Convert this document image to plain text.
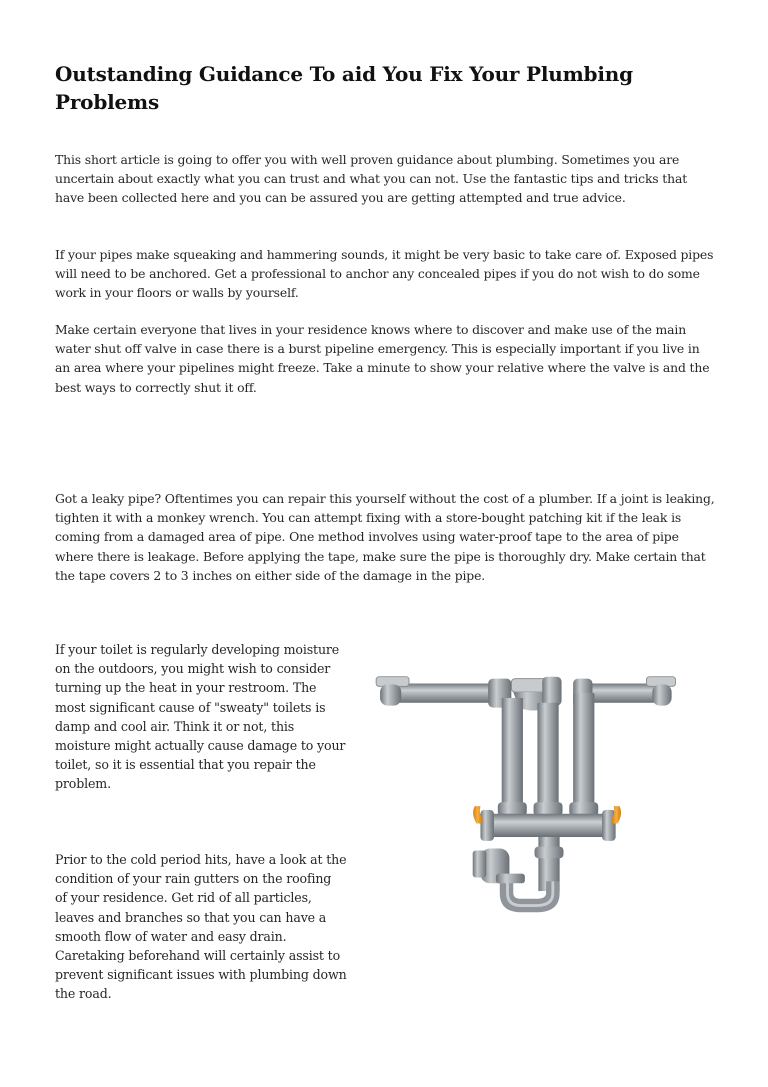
Outstanding Guidance To aid You Fix Your Plumbing Problems

This short article is going to offer you with well proven guidance about plumbing. Sometimes you are uncertain about exactly what you can trust and what you can not. Use the fantastic tips and tricks that have been collected here and you can be assured you are getting attempted and true advice.

If your pipes make squeaking and hammering sounds, it might be very basic to take care of. Exposed pipes will need to be anchored. Get a professional to anchor any concealed pipes if you do not wish to do some work in your floors or walls by yourself.

Make certain everyone that lives in your residence knows where to discover and make use of the main water shut off valve in case there is a burst pipeline emergency. This is especially important if you live in an area where your pipelines might freeze. Take a minute to show your relative where the valve is and the best ways to correctly shut it off.

Got a leaky pipe? Oftentimes you can repair this yourself without the cost of a plumber. If a joint is leaking, tighten it with a monkey wrench. You can attempt fixing with a store-bought patching kit if the leak is coming from a damaged area of pipe. One method involves using water-proof tape to the area of pipe where there is leakage. Before applying the tape, make sure the pipe is thoroughly dry. Make certain that the tape covers 2 to 3 inches on either side of the damage in the pipe.

If your toilet is regularly developing moisture on the outdoors, you might wish to consider turning up the heat in your restroom. The most significant cause of "sweaty" toilets is damp and cool air. Think it or not, this moisture might actually cause damage to your toilet, so it is essential that you repair the problem.

Prior to the cold period hits, have a look at the condition of your rain gutters on the roofing of your residence. Get rid of all particles, leaves and branches so that you can have a smooth flow of water and easy drain. Caretaking beforehand will certainly assist to prevent significant issues with plumbing down the road.
